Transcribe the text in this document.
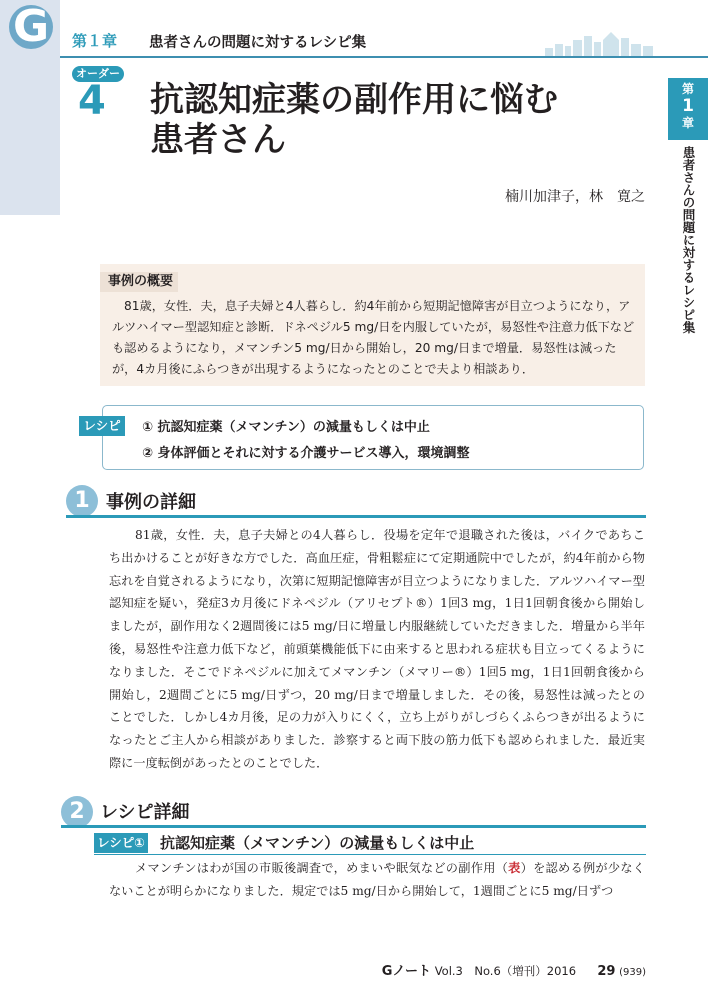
G	第１章 患者さんの問題に対するレシピ集
第
1
章
患者さんの問題に対するレシピ集
オーダー
4 抗認知症薬の副作用に悩む
患者さん
楠川加津子，林　寛之
事例の概要
81歳，女性．夫，息子夫婦と4人暮らし．約4年前から短期記憶障害が目立つようになり，アルツハイマー型認知症と診断．ドネペジル5 mg/日を内服していたが，易怒性や注意力低下なども認めるようになり，メマンチン5 mg/日から開始し，20 mg/日まで増量．易怒性は減ったが，4カ月後にふらつきが出現するようになったとのことで夫より相談あり．
レシピ	① 抗認知症薬（メマンチン）の減量もしくは中止
② 身体評価とそれに対する介護サービス導入，環境調整
1 事例の詳細
81歳，女性．夫，息子夫婦との4人暮らし．役場を定年で退職された後は，バイクであちこち出かけることが好きな方でした．高血圧症，骨粗鬆症にて定期通院中でしたが，約4年前から物忘れを自覚されるようになり，次第に短期記憶障害が目立つようになりました．アルツハイマー型認知症を疑い，発症3カ月後にドネペジル（アリセプト®）1回3 mg，1日1回朝食後から開始しましたが，副作用なく2週間後には5 mg/日に増量し内服継続していただきました．増量から半年後，易怒性や注意力低下など，前頭葉機能低下に由来すると思われる症状も目立ってくるようになりました．そこでドネペジルに加えてメマンチン（メマリー®）1回5 mg，1日1回朝食後から開始し，2週間ごとに5 mg/日ずつ，20 mg/日まで増量しました．その後，易怒性は減ったとのことでした．しかし4カ月後，足の力が入りにくく，立ち上がりがしづらくふらつきが出るようになったとご主人から相談がありました．診察すると両下肢の筋力低下も認められました．最近実際に一度転倒があったとのことでした．
2 レシピ詳細
レシピ① 抗認知症薬（メマンチン）の減量もしくは中止
メマンチンはわが国の市販後調査で，めまいや眠気などの副作用（表）を認める例が少なくないことが明らかになりました．規定では5 mg/日から開始して，1週間ごとに5 mg/日ずつ
Gノート Vol.3　No.6（増刊）2016 29 (939)
